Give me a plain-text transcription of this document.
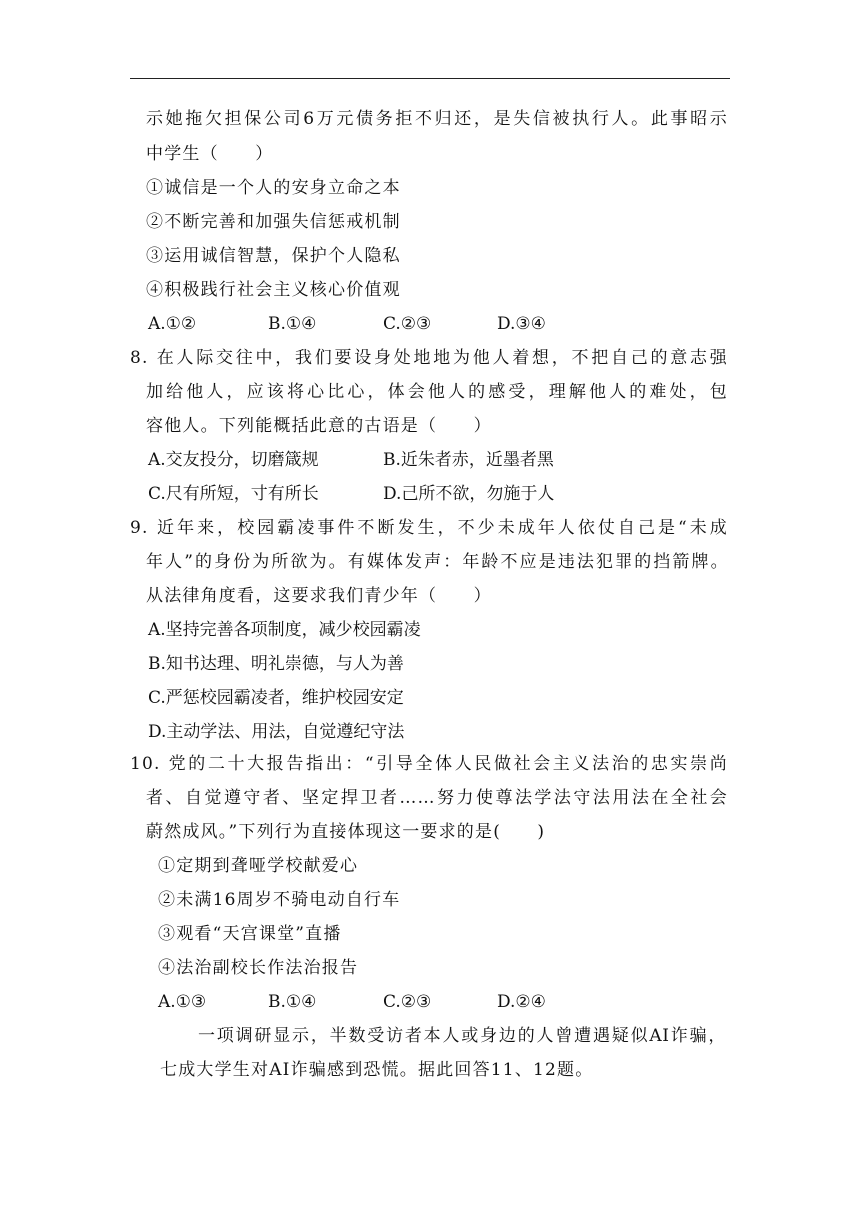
示她拖欠担保公司6万元债务拒不归还，是失信被执行人。此事昭示
中学生（　　）
①诚信是一个人的安身立命之本
②不断完善和加强失信惩戒机制
③运用诚信智慧，保护个人隐私
④积极践行社会主义核心价值观
A.①②	B.①④	C.②③	D.③④
8. 在人际交往中，我们要设身处地地为他人着想，不把自己的意志强
加给他人，应该将心比心，体会他人的感受，理解他人的难处，包
容他人。下列能概括此意的古语是（　　）
A.交友投分，切磨箴规	B.近朱者赤，近墨者黑
C.尺有所短，寸有所长	D.己所不欲，勿施于人
9. 近年来，校园霸凌事件不断发生，不少未成年人依仗自己是“未成
年人”的身份为所欲为。有媒体发声：年龄不应是违法犯罪的挡箭牌。
从法律角度看，这要求我们青少年（　　）
A.坚持完善各项制度，减少校园霸凌
B.知书达理、明礼崇德，与人为善
C.严惩校园霸凌者，维护校园安定
D.主动学法、用法，自觉遵纪守法
10. 党的二十大报告指出：“引导全体人民做社会主义法治的忠实崇尚
者、自觉遵守者、坚定捍卫者……努力使尊法学法守法用法在全社会
蔚然成风。”下列行为直接体现这一要求的是(　　)
①定期到聋哑学校献爱心
②未满16周岁不骑电动自行车
③观看“天宫课堂”直播
④法治副校长作法治报告
A.①③	B.①④	C.②③	D.②④
一项调研显示，半数受访者本人或身边的人曾遭遇疑似AI诈骗，
七成大学生对AI诈骗感到恐慌。据此回答11、12题。
